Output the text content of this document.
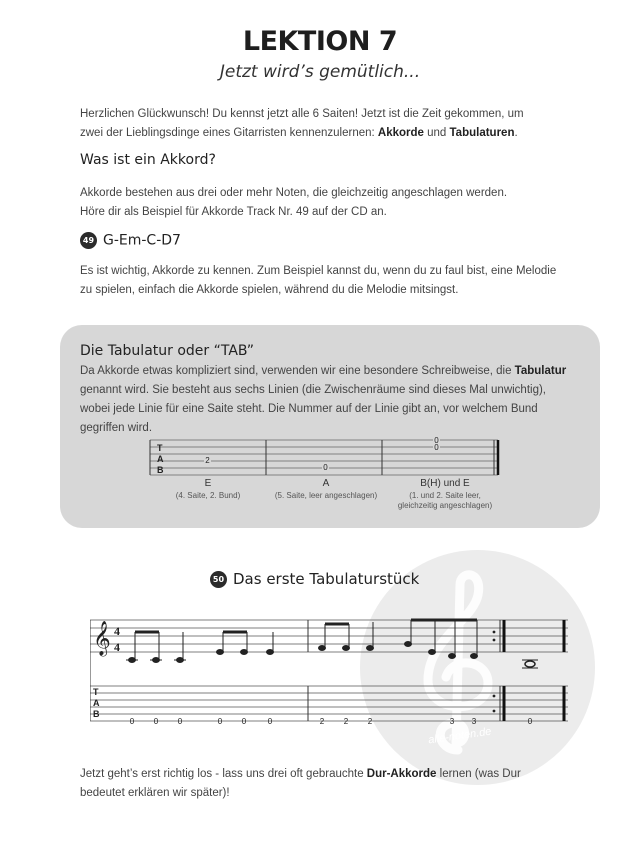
LEKTION 7
Jetzt wird’s gemütlich...
Herzlichen Glückwunsch! Du kennst jetzt alle 6 Saiten! Jetzt ist die Zeit gekommen, um
zwei der Lieblingsdinge eines Gitarristen kennenzulernen: Akkorde und Tabulaturen.
Was ist ein Akkord?
Akkorde bestehen aus drei oder mehr Noten, die gleichzeitig angeschlagen werden.
Höre dir als Beispiel für Akkorde Track Nr. 49 auf der CD an.
49 G-Em-C-D7
Es ist wichtig, Akkorde zu kennen. Zum Beispiel kannst du, wenn du zu faul bist, eine Melodie
zu spielen, einfach die Akkorde spielen, während du die Melodie mitsingst.
Die Tabulatur oder “TAB”
Da Akkorde etwas kompliziert sind, verwenden wir eine besondere Schreibweise, die Tabulatur
genannt wird. Sie besteht aus sechs Linien (die Zwischenräume sind dieses Mal unwichtig),
wobei jede Linie für eine Saite steht. Die Nummer auf der Linie gibt an, vor welchem Bund
gegriffen wird.
T
A
B
2
0
0
0
E
(4. Saite, 2. Bund)
A
(5. Saite, leer angeschlagen)
B(H) und E
(1. und 2. Saite leer,
gleichzeitig angeschlagen)
alle-noten.de
50 Das erste Tabulaturstück
𝄞 4
4
T
A
B
0 0 0	0 0	0	2 2 2	3 3	0
Jetzt geht’s erst richtig los - lass uns drei oft gebrauchte Dur-Akkorde lernen (was Dur
bedeutet erklären wir später)!
